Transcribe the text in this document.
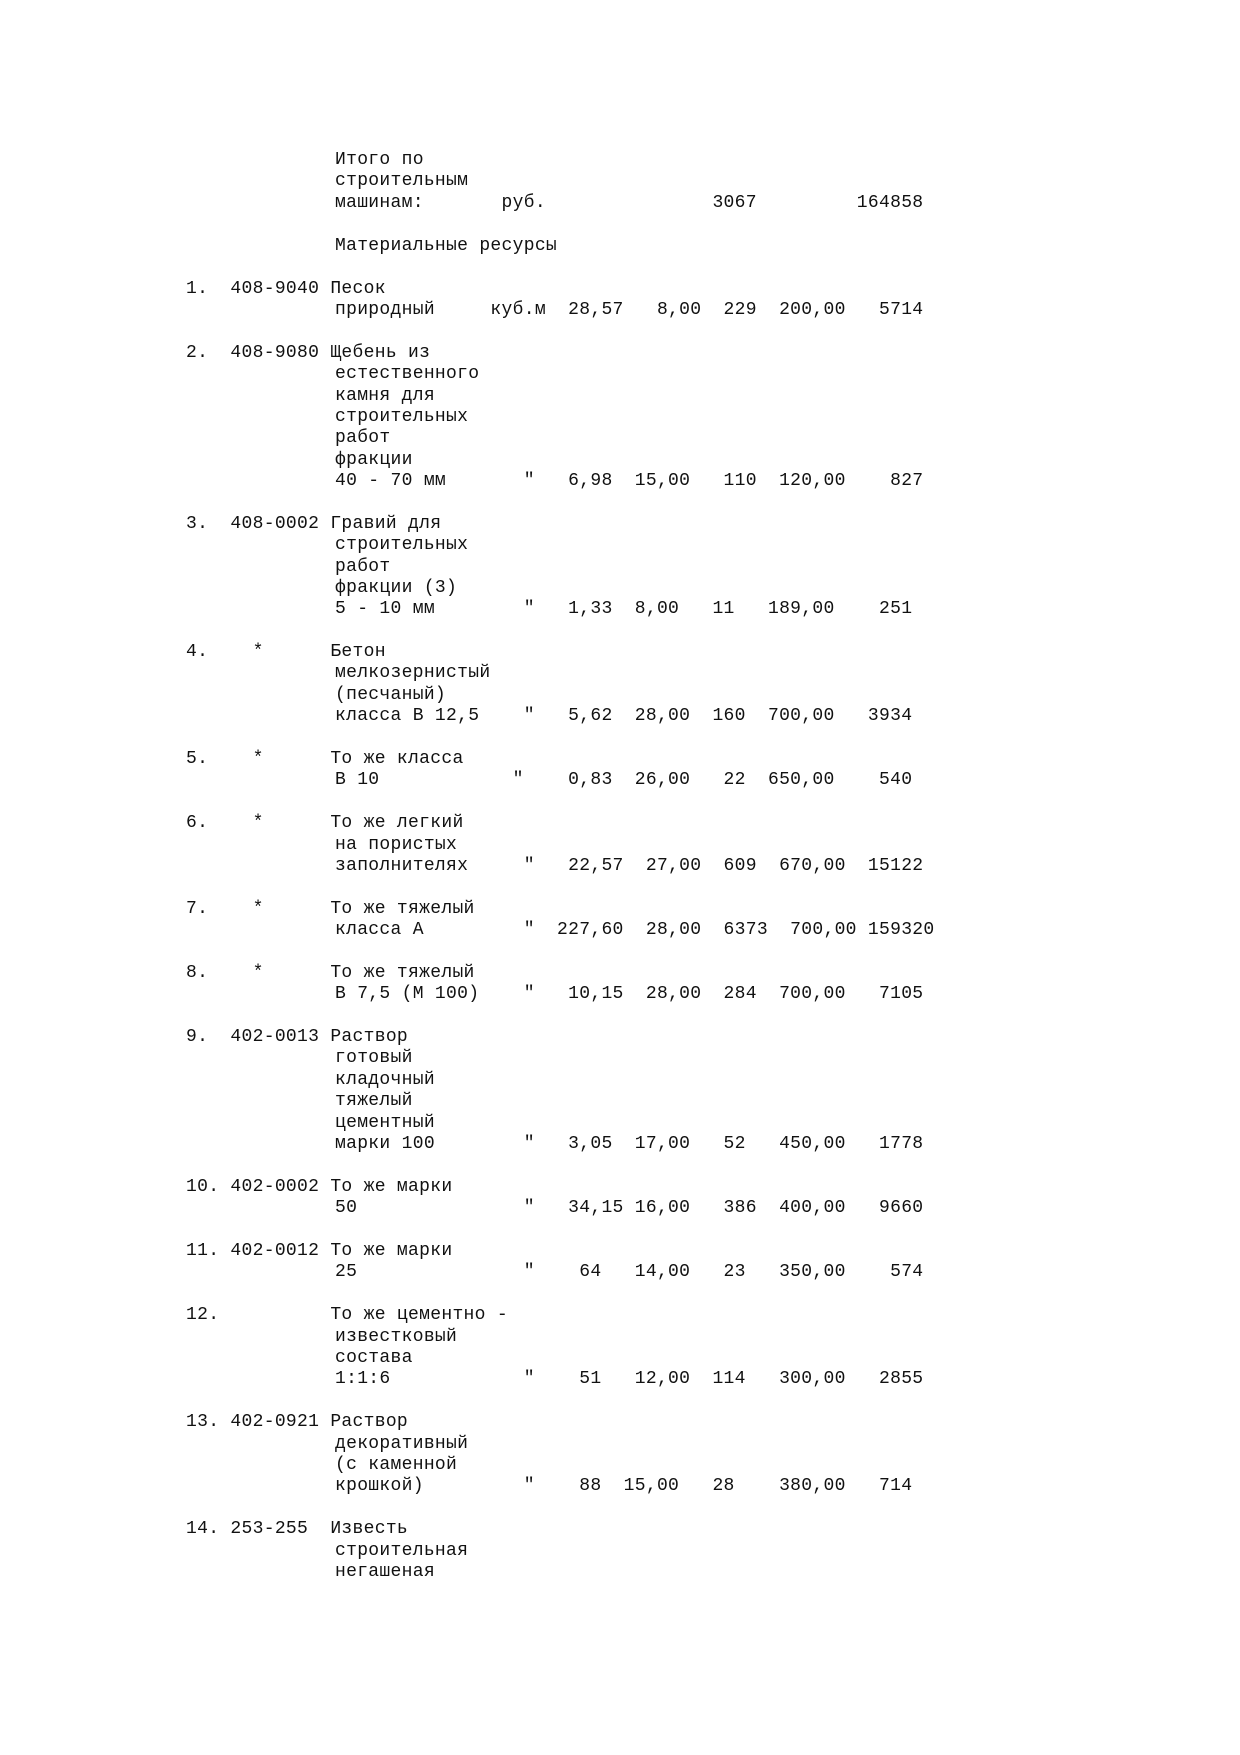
Итого по
строительным
машинам:       руб.               3067         164858
Материальные ресурсы
1.  408-9040 Песок
природный     куб.м  28,57   8,00  229  200,00   5714
2.  408-9080 Щебень из
естественного
камня для
строительных
работ
фракции
40 - 70 мм       "   6,98  15,00   110  120,00    827
3.  408-0002 Гравий для
строительных
работ
фракции (3)
5 - 10 мм        "   1,33  8,00   11   189,00    251
4.    *      Бетон
мелкозернистый
(песчаный)
класса В 12,5    "   5,62  28,00  160  700,00   3934
5.    *      То же класса
В 10            "    0,83  26,00   22  650,00    540
6.    *      То же легкий
на пористых
заполнителях     "   22,57  27,00  609  670,00  15122
7.    *      То же тяжелый
класса А         "  227,60  28,00  6373  700,00 159320
8.    *      То же тяжелый
В 7,5 (М 100)    "   10,15  28,00  284  700,00   7105
9.  402-0013 Раствор
готовый
кладочный
тяжелый
цементный
марки 100        "   3,05  17,00   52   450,00   1778
10. 402-0002 То же марки
50               "   34,15 16,00   386  400,00   9660
11. 402-0012 То же марки
25               "    64   14,00   23   350,00    574
12.          То же цементно -
известковый
состава
1:1:6            "    51   12,00  114   300,00   2855
13. 402-0921 Раствор
декоративный
(с каменной
крошкой)         "    88  15,00   28    380,00   714
14. 253-255  Известь
строительная
негашеная
